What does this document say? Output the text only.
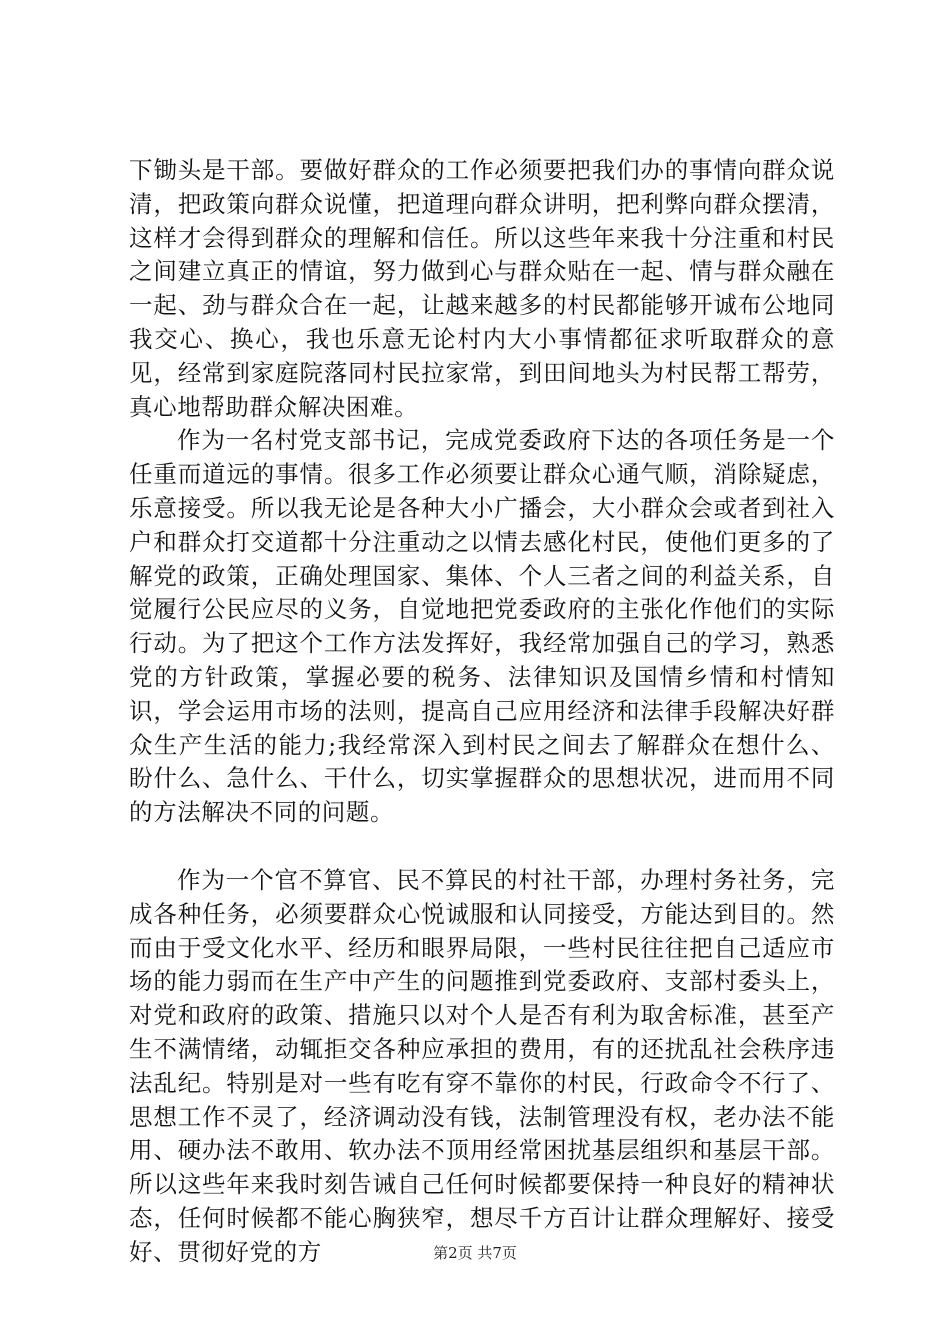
下锄头是干部。要做好群众的工作必须要把我们办的事情向群众说清，把政策向群众说懂，把道理向群众讲明，把利弊向群众摆清，这样才会得到群众的理解和信任。所以这些年来我十分注重和村民之间建立真正的情谊，努力做到心与群众贴在一起、情与群众融在一起、劲与群众合在一起，让越来越多的村民都能够开诚布公地同我交心、换心，我也乐意无论村内大小事情都征求听取群众的意见，经常到家庭院落同村民拉家常，到田间地头为村民帮工帮劳，真心地帮助群众解决困难。

作为一名村党支部书记，完成党委政府下达的各项任务是一个任重而道远的事情。很多工作必须要让群众心通气顺，消除疑虑，乐意接受。所以我无论是各种大小广播会，大小群众会或者到社入户和群众打交道都十分注重动之以情去感化村民，使他们更多的了解党的政策，正确处理国家、集体、个人三者之间的利益关系，自觉履行公民应尽的义务，自觉地把党委政府的主张化作他们的实际行动。为了把这个工作方法发挥好，我经常加强自己的学习，熟悉党的方针政策，掌握必要的税务、法律知识及国情乡情和村情知识，学会运用市场的法则，提高自己应用经济和法律手段解决好群众生产生活的能力;我经常深入到村民之间去了解群众在想什么、盼什么、急什么、干什么，切实掌握群众的思想状况，进而用不同的方法解决不同的问题。

作为一个官不算官、民不算民的村社干部，办理村务社务，完成各种任务，必须要群众心悦诚服和认同接受，方能达到目的。然而由于受文化水平、经历和眼界局限，一些村民往往把自己适应市场的能力弱而在生产中产生的问题推到党委政府、支部村委头上，对党和政府的政策、措施只以对个人是否有利为取舍标准，甚至产生不满情绪，动辄拒交各种应承担的费用，有的还扰乱社会秩序违法乱纪。特别是对一些有吃有穿不靠你的村民，行政命令不行了、思想工作不灵了，经济调动没有钱，法制管理没有权，老办法不能用、硬办法不敢用、软办法不顶用经常困扰基层组织和基层干部。所以这些年来我时刻告诫自己任何时候都要保持一种良好的精神状态，任何时候都不能心胸狭窄，想尽千方百计让群众理解好、接受好、贯彻好党的方	第2页 共7页
